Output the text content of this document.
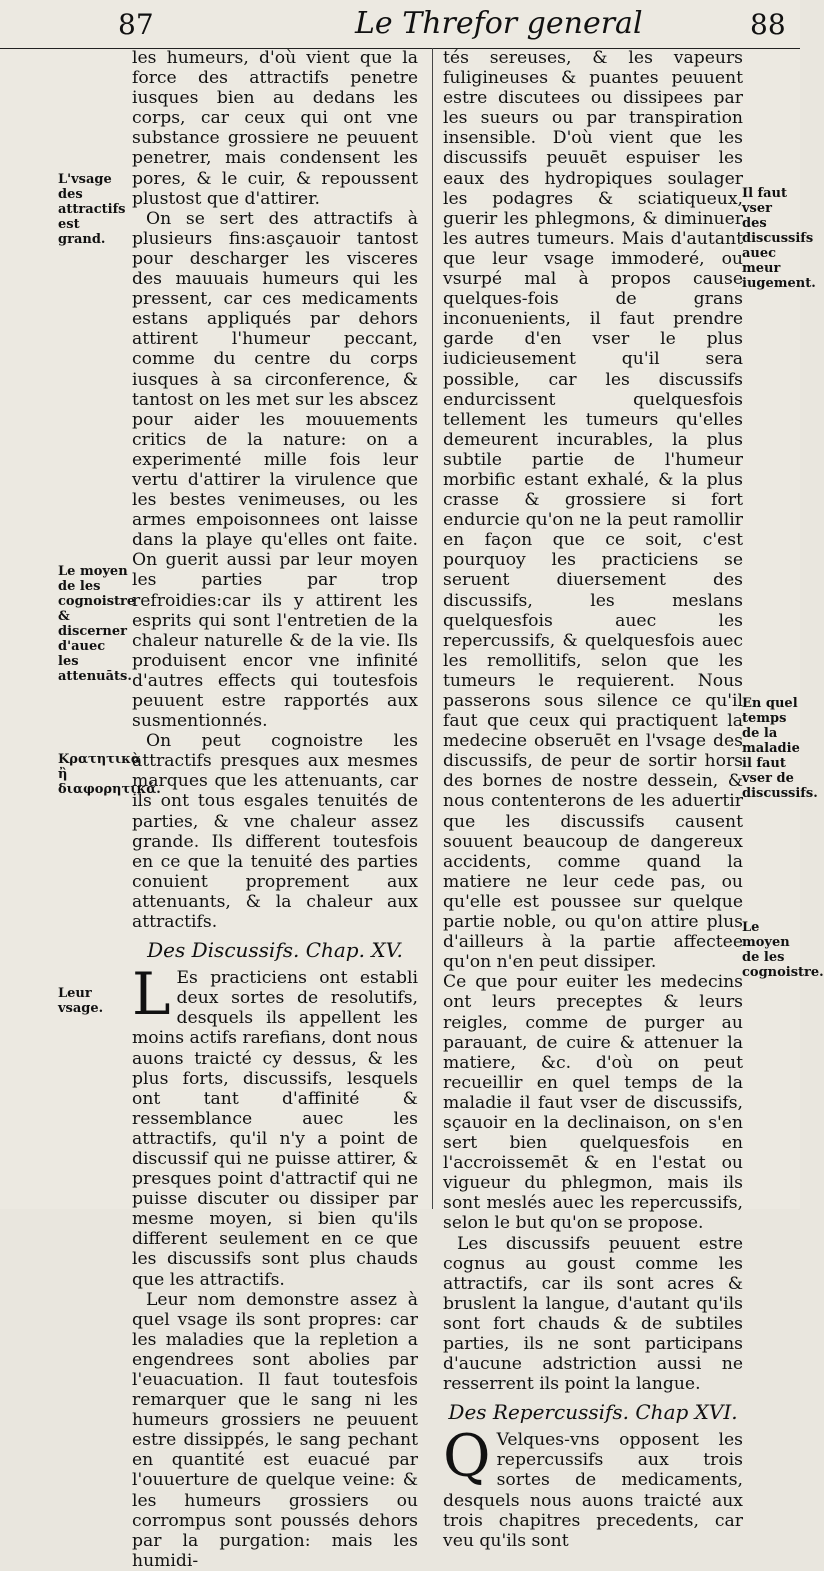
87	Le Threfor general	88

les humeurs, d'où vient que la force des attractifs penetre iusques bien au dedans les corps, car ceux qui ont vne substance grossiere ne peuuent penetrer, mais condensent les pores, & le cuir, & repoussent plustost que d'attirer.

On se sert des attractifs à plusieurs fins:asçauoir tantost pour descharger les visceres des mauuais humeurs qui les pressent, car ces medicaments estans appliqués par dehors attirent l'humeur peccant, comme du centre du corps iusques à sa circonference, & tantost on les met sur les abscez pour aider les mouuements critics de la nature: on a experimenté mille fois leur vertu d'attirer la virulence que les bestes venimeuses, ou les armes empoisonnees ont laisse dans la playe qu'elles ont faite. On guerit aussi par leur moyen les parties par trop refroidies:car ils y attirent les esprits qui sont l'entretien de la chaleur naturelle & de la vie. Ils produisent encor vne infinité d'autres effects qui toutesfois peuuent estre rapportés aux susmentionnés.

On peut cognoistre les attractifs presques aux mesmes marques que les attenuants, car ils ont tous esgales tenuités de parties, & vne chaleur assez grande. Ils different toutesfois en ce que la tenuité des parties conuient proprement aux attenuants, & la chaleur aux attractifs.

Des Discussifs. Chap. XV.

L Es practiciens ont establi deux sortes de resolutifs, desquels ils appellent les moins actifs rarefians, dont nous auons traicté cy dessus, & les plus forts, discussifs, lesquels ont tant d'affinité & ressemblance auec les attractifs, qu'il n'y a point de discussif qui ne puisse attirer, & presques point d'attractif qui ne puisse discuter ou dissiper par mesme moyen, si bien qu'ils different seulement en ce que les discussifs sont plus chauds que les attractifs.

Leur nom demonstre assez à quel vsage ils sont propres: car les maladies que la repletion a engendrees sont abolies par l'euacuation. Il faut toutesfois remarquer que le sang ni les humeurs grossiers ne peuuent estre dissippés, le sang pechant en quantité est euacué par l'ouuerture de quelque veine: & les humeurs grossiers ou corrompus sont poussés dehors par la purgation: mais les humidi-

tés sereuses, & les vapeurs fuligineuses & puantes peuuent estre discutees ou dissipees par les sueurs ou par transpiration insensible. D'où vient que les discussifs peuuēt espuiser les eaux des hydropiques soulager les podagres & sciatiqueux, guerir les phlegmons, & diminuer les autres tumeurs. Mais d'autant que leur vsage immoderé, ou vsurpé mal à propos cause quelques-fois de grans inconuenients, il faut prendre garde d'en vser le plus iudicieusement qu'il sera possible, car les discussifs endurcissent quelquesfois tellement les tumeurs qu'elles demeurent incurables, la plus subtile partie de l'humeur morbific estant exhalé, & la plus crasse & grossiere si fort endurcie qu'on ne la peut ramollir en façon que ce soit, c'est pourquoy les practiciens se seruent diuersement des discussifs, les meslans quelquesfois auec les repercussifs, & quelquesfois auec les remollitifs, selon que les tumeurs le requierent. Nous passerons sous silence ce qu'il faut que ceux qui practiquent la medecine obseruēt en l'vsage des discussifs, de peur de sortir hors des bornes de nostre dessein, & nous contenterons de les aduertir que les discussifs causent souuent beaucoup de dangereux accidents, comme quand la matiere ne leur cede pas, ou qu'elle est poussee sur quelque partie noble, ou qu'on attire plus d'ailleurs à la partie affectee qu'on n'en peut dissiper.

Ce que pour euiter les medecins ont leurs preceptes & leurs reigles, comme de purger au parauant, de cuire & attenuer la matiere, &c. d'où on peut recueillir en quel temps de la maladie il faut vser de discussifs, sçauoir en la declinaison, on s'en sert bien quelquesfois en l'accroissemēt & en l'estat ou vigueur du phlegmon, mais ils sont meslés auec les repercussifs, selon le but qu'on se propose.

Les discussifs peuuent estre cognus au goust comme les attractifs, car ils sont acres & bruslent la langue, d'autant qu'ils sont fort chauds & de subtiles parties, ils ne sont participans d'aucune adstriction aussi ne resserrent ils point la langue.

Des Repercussifs. Chap XVI.

Q Velques-vns opposent les repercussifs aux trois sortes de medicaments, desquels nous auons traicté aux trois chapitres precedents, car veu qu'ils sont

L'vsage des attractifs est grand.
Le moyen de les cognoistre & discerner d'auec les attenuāts.
Κρατητικὰ ἢ διαφορητικά.
Leur vsage.
Il faut vser des discussifs auec meur iugement.
En quel temps de la maladie il faut vser de discussifs.
Le moyen de les cognoistre.
